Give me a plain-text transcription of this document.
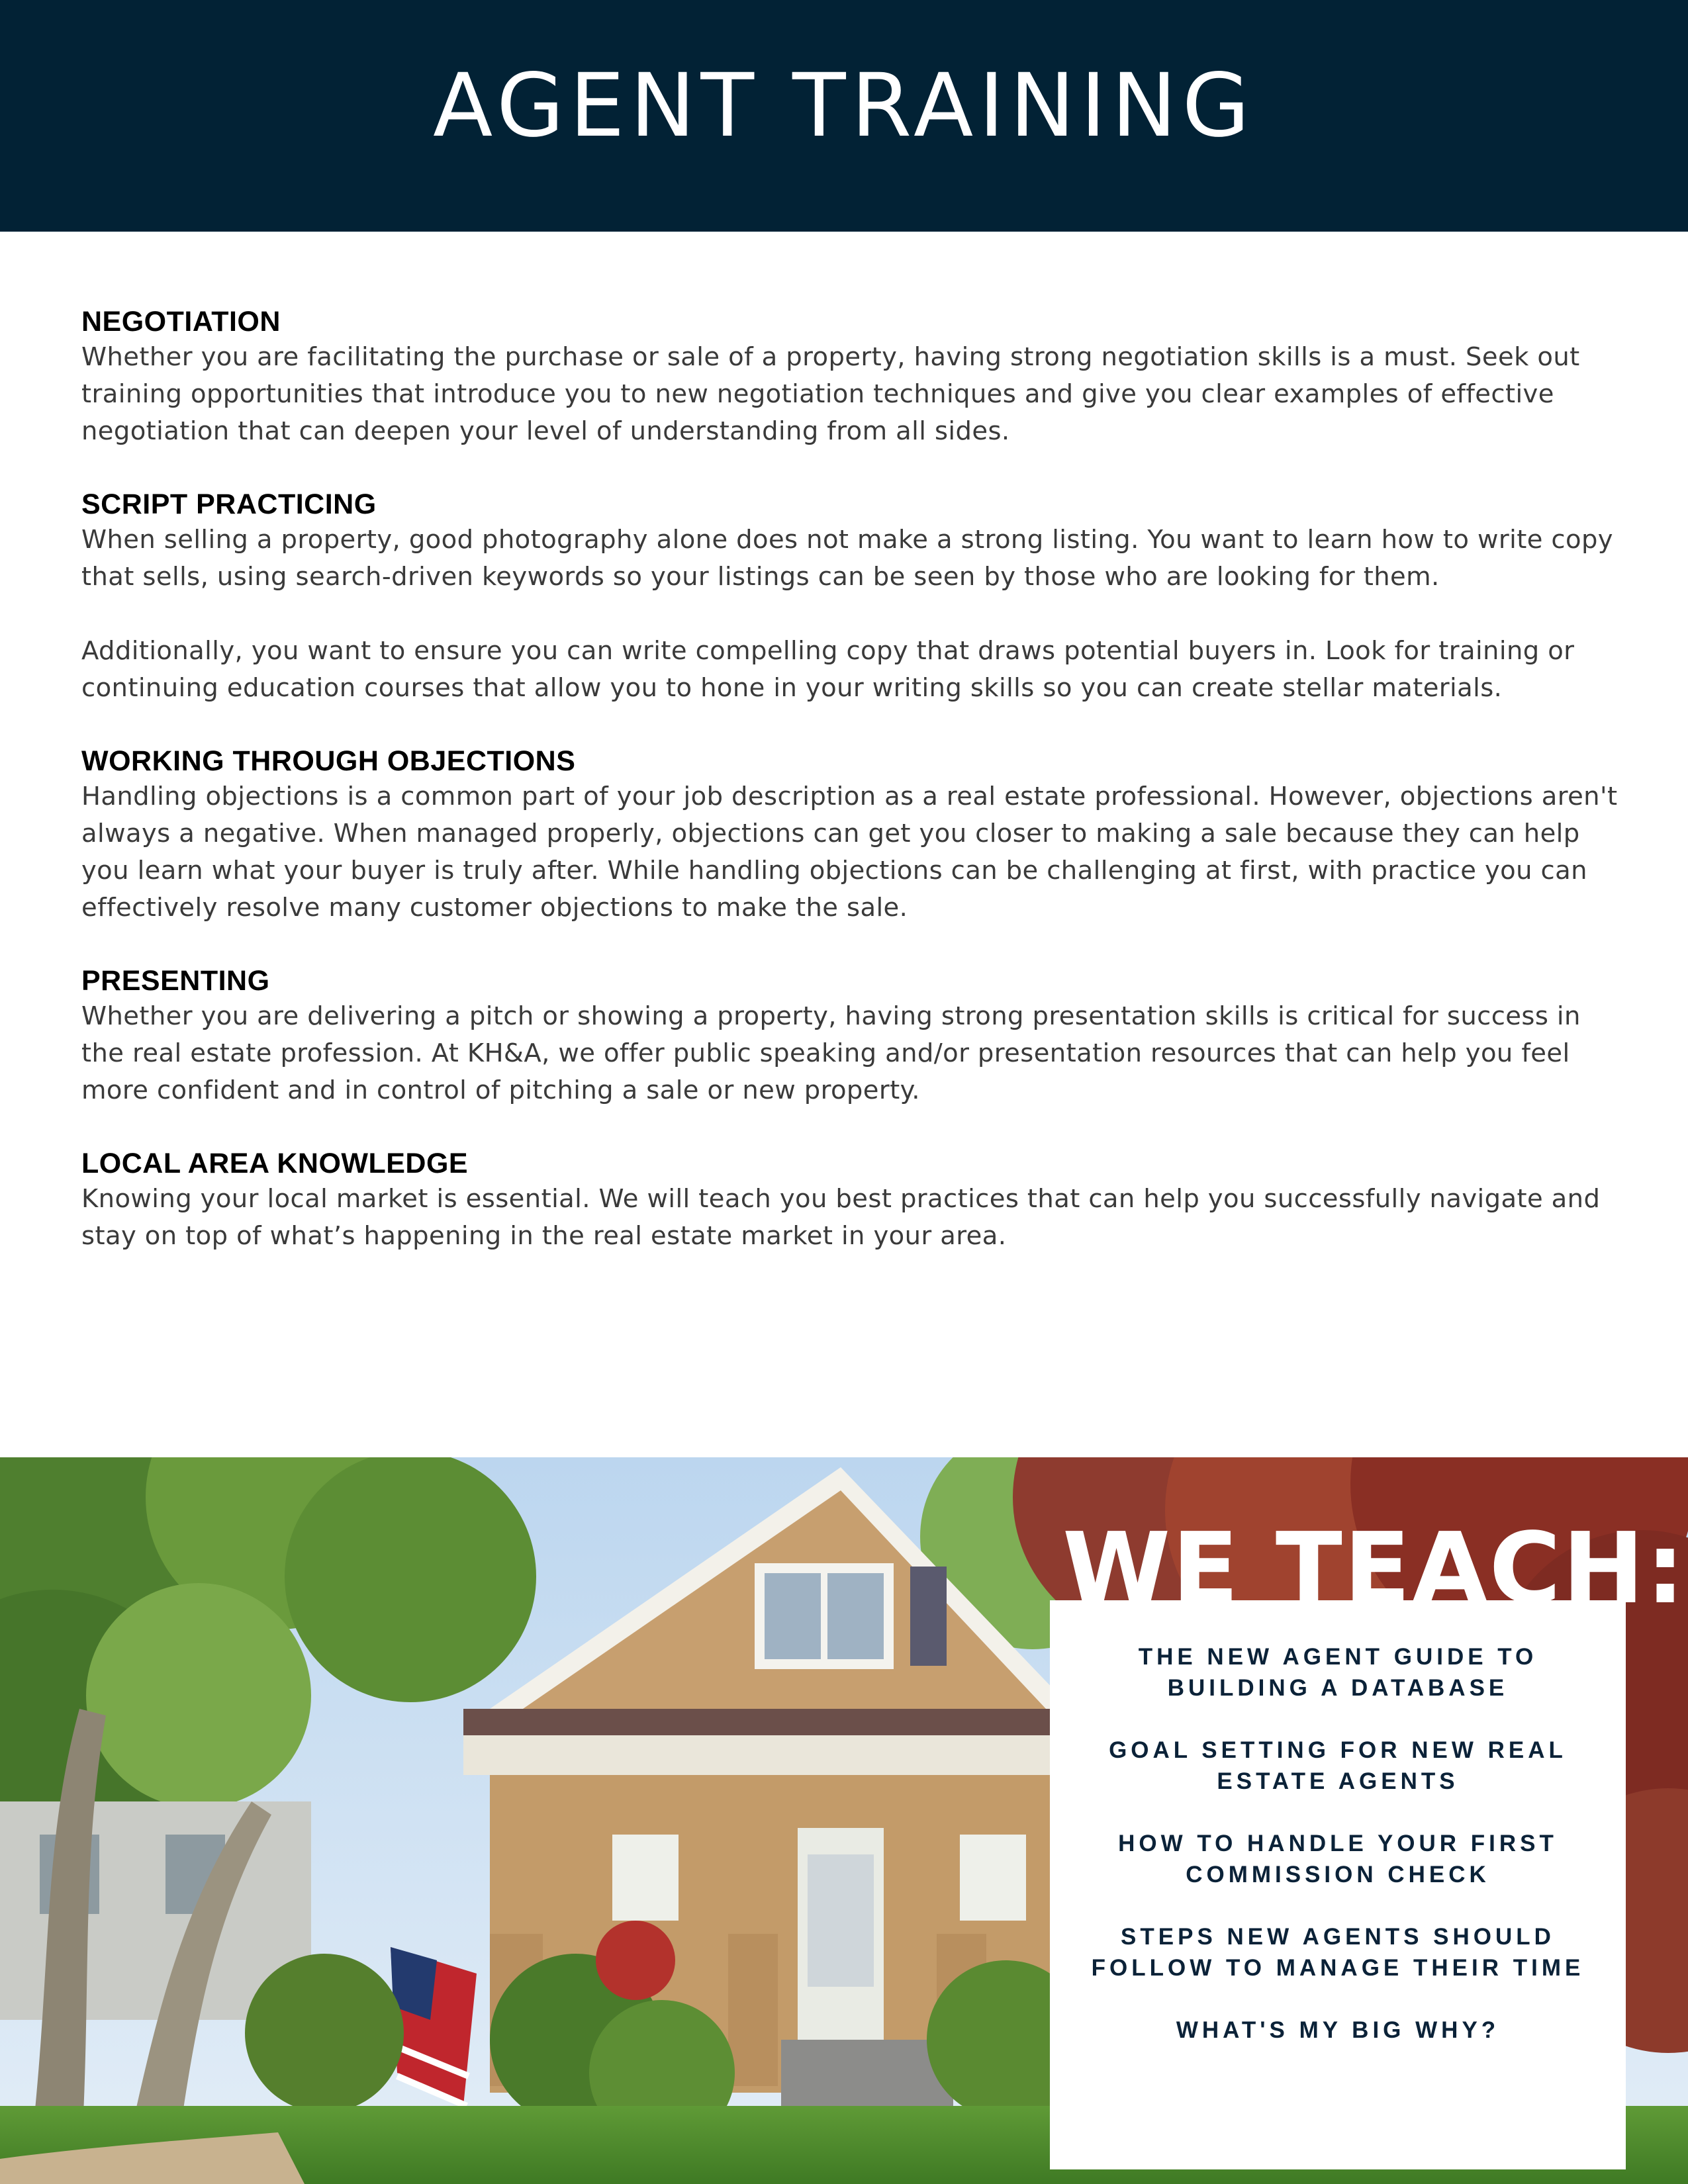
AGENT TRAINING
NEGOTIATION

Whether you are facilitating the purchase or sale of a property, having strong negotiation skills is a must. Seek out training opportunities that introduce you to new negotiation techniques and give you clear examples of effective negotiation that can deepen your level of understanding from all sides.

SCRIPT PRACTICING

When selling a property, good photography alone does not make a strong listing. You want to learn how to write copy that sells, using search-driven keywords so your listings can be seen by those who are looking for them.

Additionally, you want to ensure you can write compelling copy that draws potential buyers in. Look for training or continuing education courses that allow you to hone in your writing skills so you can create stellar materials.

WORKING THROUGH OBJECTIONS

Handling objections is a common part of your job description as a real estate professional. However, objections aren't always a negative. When managed properly, objections can get you closer to making a sale because they can help you learn what your buyer is truly after. While handling objections can be challenging at first, with practice you can effectively resolve many customer objections to make the sale.

PRESENTING

Whether you are delivering a pitch or showing a property, having strong presentation skills is critical for success in the real estate profession. At KH&A, we offer public speaking and/or presentation resources that can help you feel more confident and in control of pitching a sale or new property.

LOCAL AREA KNOWLEDGE

Knowing your local market is essential. We will teach you best practices that can help you successfully navigate and stay on top of what’s happening in the real estate market in your area.

THE NEW AGENT GUIDE TO BUILDING A DATABASE

GOAL SETTING FOR NEW REAL ESTATE AGENTS

HOW TO HANDLE YOUR FIRST COMMISSION CHECK

STEPS NEW AGENTS SHOULD FOLLOW TO MANAGE THEIR TIME

WHAT'S MY BIG WHY?

WE TEACH:
